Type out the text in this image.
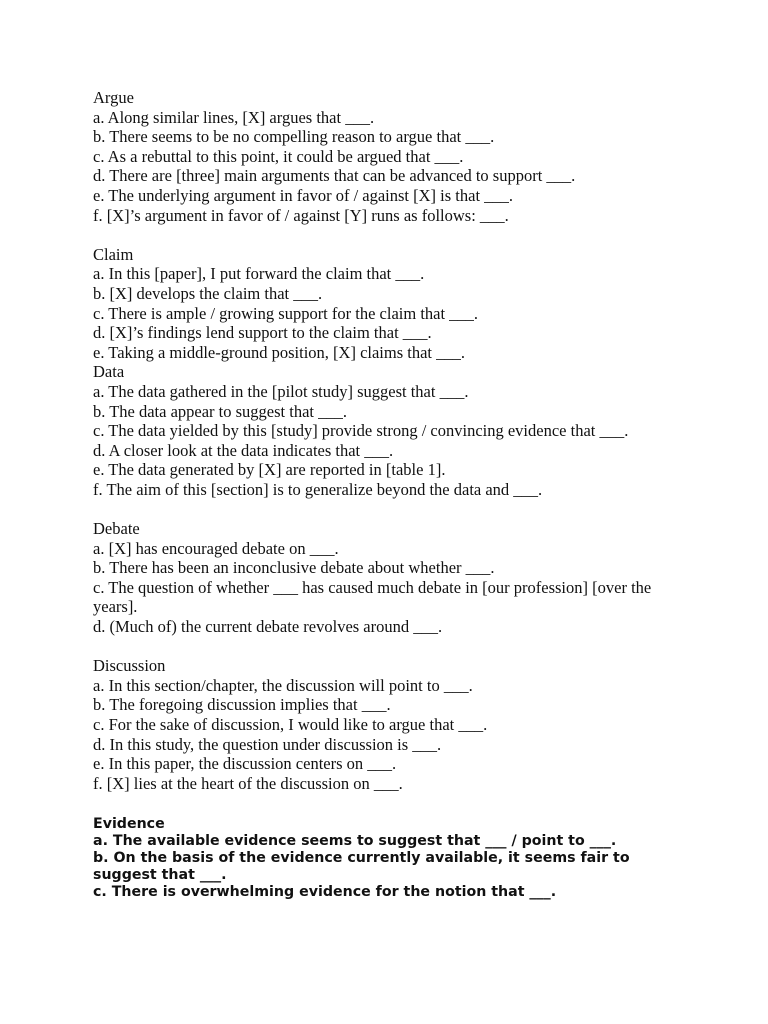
Argue
a. Along similar lines, [X] argues that ___.
b. There seems to be no compelling reason to argue that ___.
c. As a rebuttal to this point, it could be argued that ___.
d. There are [three] main arguments that can be advanced to support ___.
e. The underlying argument in favor of / against [X] is that ___.
f. [X]’s argument in favor of / against [Y] runs as follows: ___.
Claim
a. In this [paper], I put forward the claim that ___.
b. [X] develops the claim that ___.
c. There is ample / growing support for the claim that ___.
d. [X]’s findings lend support to the claim that ___.
e. Taking a middle-ground position, [X] claims that ___.
Data
a. The data gathered in the [pilot study] suggest that ___.
b. The data appear to suggest that ___.
c. The data yielded by this [study] provide strong / convincing evidence that ___.
d. A closer look at the data indicates that ___.
e. The data generated by [X] are reported in [table 1].
f. The aim of this [section] is to generalize beyond the data and ___.
Debate
a. [X] has encouraged debate on ___.
b. There has been an inconclusive debate about whether ___.
c. The question of whether ___ has caused much debate in [our profession] [over the years].
d. (Much of) the current debate revolves around ___.
Discussion
a. In this section/chapter, the discussion will point to ___.
b. The foregoing discussion implies that ___.
c. For the sake of discussion, I would like to argue that ___.
d. In this study, the question under discussion is ___.
e. In this paper, the discussion centers on ___.
f. [X] lies at the heart of the discussion on ___.
Evidence
a. The available evidence seems to suggest that ___ / point to ___.
b. On the basis of the evidence currently available, it seems fair to suggest that ___.
c. There is overwhelming evidence for the notion that ___.
